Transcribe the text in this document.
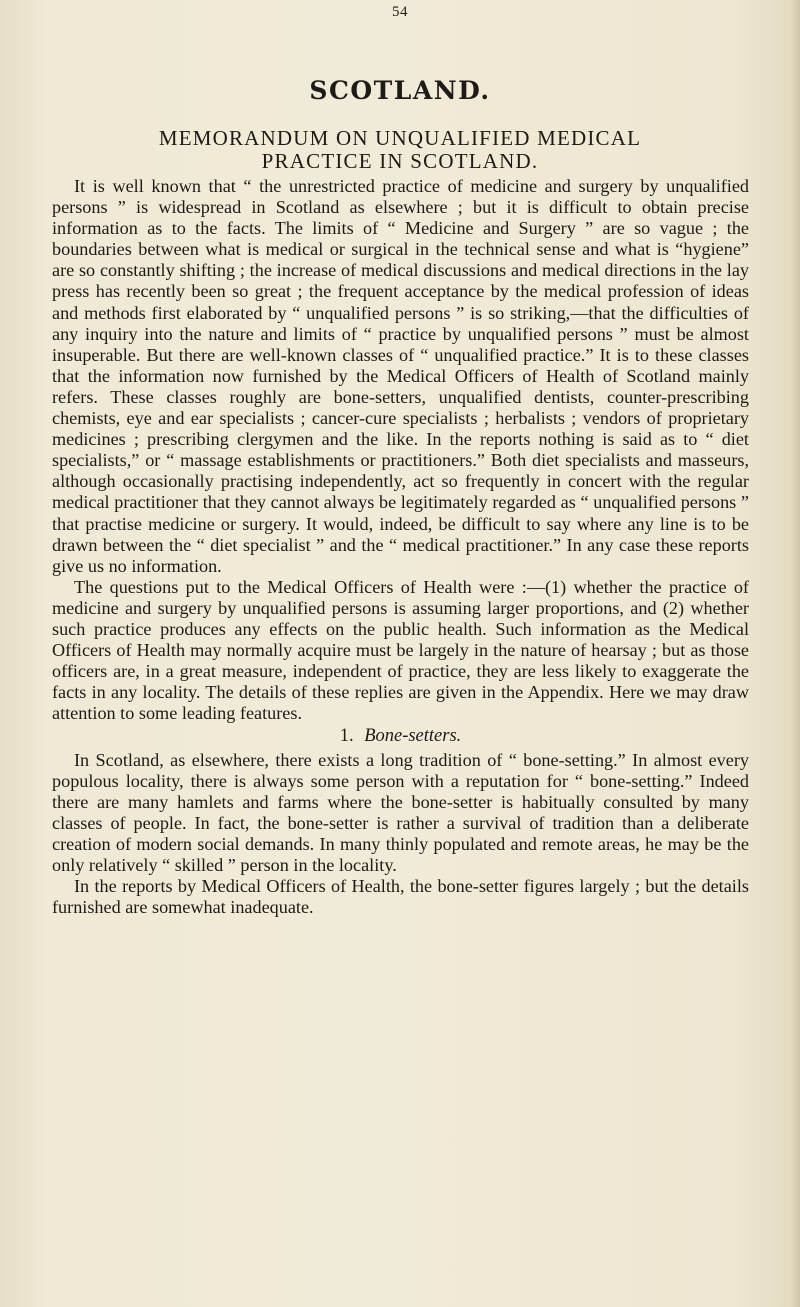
54
SCOTLAND.
MEMORANDUM ON UNQUALIFIED MEDICAL
PRACTICE IN SCOTLAND.

It is well known that “ the unrestricted practice of medicine and surgery by unqualified persons ” is widespread in Scotland as elsewhere ; but it is difficult to obtain precise information as to the facts. The limits of “ Medicine and Surgery ” are so vague ; the boundaries between what is medical or surgical in the technical sense and what is “hygiene” are so constantly shifting ; the increase of medical discussions and medical directions in the lay press has recently been so great ; the frequent acceptance by the medical profession of ideas and methods first elaborated by “ unqualified persons ” is so striking,—that the difficulties of any inquiry into the nature and limits of “ practice by unqualified persons ” must be almost insuperable. But there are well-known classes of “ unqualified practice.” It is to these classes that the information now furnished by the Medical Officers of Health of Scotland mainly refers. These classes roughly are bone-setters, unqualified dentists, counter-prescribing chemists, eye and ear specialists ; cancer-cure specialists ; herbalists ; vendors of proprietary medicines ; prescribing clergymen and the like. In the reports nothing is said as to “ diet specialists,” or “ massage establishments or practitioners.” Both diet specialists and masseurs, although occasionally practising independently, act so frequently in concert with the regular medical practitioner that they cannot always be legitimately regarded as “ unqualified persons ” that practise medicine or surgery. It would, indeed, be difficult to say where any line is to be drawn between the “ diet specialist ” and the “ medical practitioner.” In any case these reports give us no information.

The questions put to the Medical Officers of Health were :—(1) whether the practice of medicine and surgery by unqualified persons is assuming larger proportions, and (2) whether such practice produces any effects on the public health. Such information as the Medical Officers of Health may normally acquire must be largely in the nature of hearsay ; but as those officers are, in a great measure, independent of practice, they are less likely to exaggerate the facts in any locality. The details of these replies are given in the Appendix. Here we may draw attention to some leading features.

1. Bone-setters.

In Scotland, as elsewhere, there exists a long tradition of “ bone-setting.” In almost every populous locality, there is always some person with a reputation for “ bone-setting.” Indeed there are many hamlets and farms where the bone-setter is habitually consulted by many classes of people. In fact, the bone-setter is rather a survival of tradition than a deliberate creation of modern social demands. In many thinly populated and remote areas, he may be the only relatively “ skilled ” person in the locality.

In the reports by Medical Officers of Health, the bone-setter figures largely ; but the details furnished are somewhat inadequate.
